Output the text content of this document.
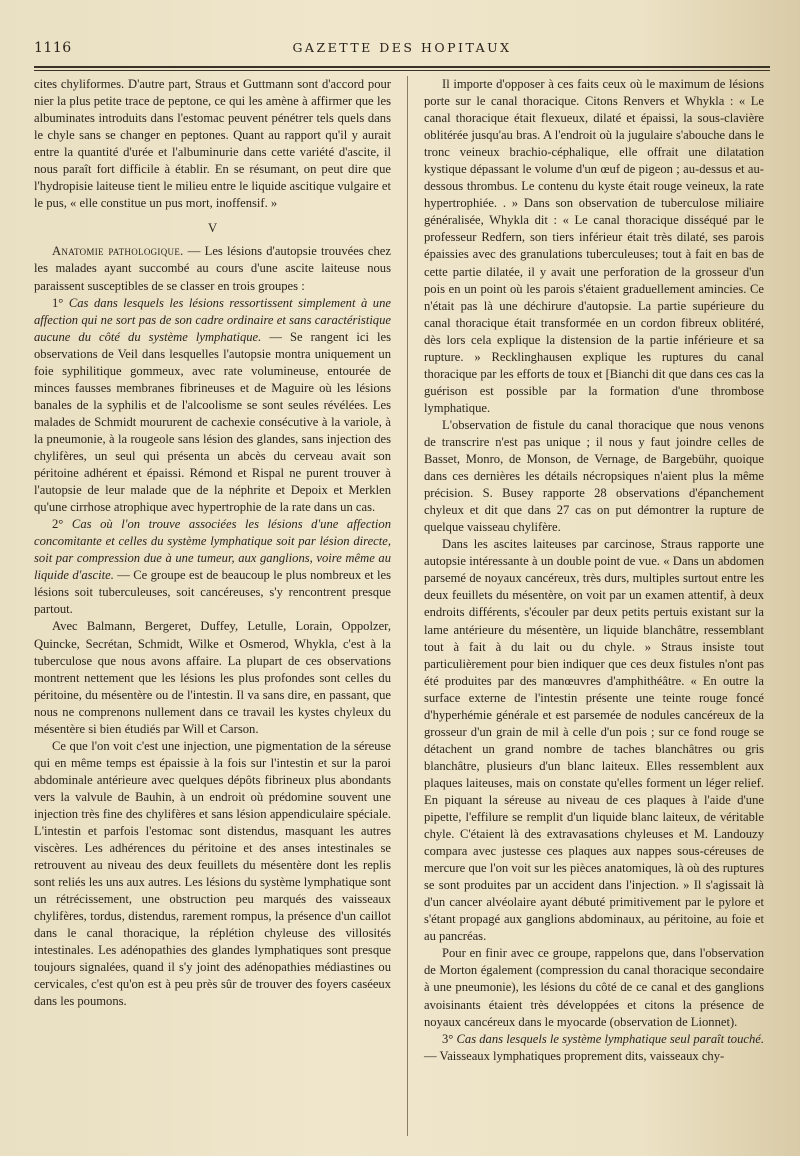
1116	GAZETTE DES HOPITAUX

cites chyliformes. D'autre part, Straus et Guttmann sont d'accord pour nier la plus petite trace de peptone, ce qui les amène à affirmer que les albuminates introduits dans l'estomac peuvent pénétrer tels quels dans le chyle sans se changer en peptones. Quant au rapport qu'il y aurait entre la quantité d'urée et l'albuminurie dans cette variété d'ascite, il nous paraît fort difficile à établir. En se résumant, on peut dire que l'hydropisie laiteuse tient le milieu entre le liquide ascitique vulgaire et le pus, « elle constitue un pus mort, inoffensif. »

V

Anatomie pathologique. — Les lésions d'autopsie trouvées chez les malades ayant succombé au cours d'une ascite laiteuse nous paraissent susceptibles de se classer en trois groupes :

1° Cas dans lesquels les lésions ressortissent simplement à une affection qui ne sort pas de son cadre ordinaire et sans caractéristique aucune du côté du système lymphatique. — Se rangent ici les observations de Veil dans lesquelles l'autopsie montra uniquement un foie syphilitique gommeux, avec rate volumineuse, entourée de minces fausses membranes fibrineuses et de Maguire où les lésions banales de la syphilis et de l'alcoolisme se sont seules révélées. Les malades de Schmidt moururent de cachexie consécutive à la variole, à la pneumonie, à la rougeole sans lésion des glandes, sans injection des chylifères, un seul qui présenta un abcès du cerveau avait son péritoine adhérent et épaissi. Rémond et Rispal ne purent trouver à l'autopsie de leur malade que de la néphrite et Depoix et Merklen qu'une cirrhose atrophique avec hypertrophie de la rate dans un cas.

2° Cas où l'on trouve associées les lésions d'une affection concomitante et celles du système lymphatique soit par lésion directe, soit par compression due à une tumeur, aux ganglions, voire même au liquide d'ascite. — Ce groupe est de beaucoup le plus nombreux et les lésions soit tuberculeuses, soit cancéreuses, s'y rencontrent presque partout.

Avec Balmann, Bergeret, Duffey, Letulle, Lorain, Oppolzer, Quincke, Secrétan, Schmidt, Wilke et Osmerod, Whykla, c'est à la tuberculose que nous avons affaire. La plupart de ces observations montrent nettement que les lésions les plus profondes sont celles du péritoine, du mésentère ou de l'intestin. Il va sans dire, en passant, que nous ne comprenons nullement dans ce travail les kystes chyleux du mésentère si bien étudiés par Will et Carson.

Ce que l'on voit c'est une injection, une pigmentation de la séreuse qui en même temps est épaissie à la fois sur l'intestin et sur la paroi abdominale antérieure avec quelques dépôts fibrineux plus abondants vers la valvule de Bauhin, à un endroit où prédomine souvent une injection très fine des chylifères et sans lésion appendiculaire spéciale. L'intestin et parfois l'estomac sont distendus, masquant les autres viscères. Les adhérences du péritoine et des anses intestinales se retrouvent au niveau des deux feuillets du mésentère dont les replis sont reliés les uns aux autres. Les lésions du système lymphatique sont un rétrécissement, une obstruction peu marqués des vaisseaux chylifères, tordus, distendus, rarement rompus, la présence d'un caillot dans le canal thoracique, la réplétion chyleuse des villosités intestinales. Les adénopathies des glandes lymphatiques sont presque toujours signalées, quand il s'y joint des adénopathies médiastines ou cervicales, c'est qu'on est à peu près sûr de trouver des foyers caséeux dans les poumons.

Il importe d'opposer à ces faits ceux où le maximum de lésions porte sur le canal thoracique. Citons Renvers et Whykla : « Le canal thoracique était flexueux, dilaté et épaissi, la sous-clavière oblitérée jusqu'au bras. A l'endroit où la jugulaire s'abouche dans le tronc veineux brachio-céphalique, elle offrait une dilatation kystique dépassant le volume d'un œuf de pigeon ; au-dessus et au-dessous thrombus. Le contenu du kyste était rouge veineux, la rate hypertrophiée. . » Dans son observation de tuberculose miliaire généralisée, Whykla dit : « Le canal thoracique disséqué par le professeur Redfern, son tiers inférieur était très dilaté, ses parois épaissies avec des granulations tuberculeuses; tout à fait en bas de cette partie dilatée, il y avait une perforation de la grosseur d'un pois en un point où les parois s'étaient graduellement amincies. Ce n'était pas là une déchirure d'autopsie. La partie supérieure du canal thoracique était transformée en un cordon fibreux oblitéré, dès lors cela explique la distension de la partie inférieure et sa rupture. » Recklinghausen explique les ruptures du canal thoracique par les efforts de toux et [Bianchi dit que dans ces cas la guérison est possible par la formation d'une thrombose lymphatique.

L'observation de fistule du canal thoracique que nous venons de transcrire n'est pas unique ; il nous y faut joindre celles de Basset, Monro, de Monson, de Vernage, de Bargebühr, quoique dans ces dernières les détails nécropsiques n'aient plus la même précision. S. Busey rapporte 28 observations d'épanchement chyleux et dit que dans 27 cas on put démontrer la rupture de quelque vaisseau chylifère.

Dans les ascites laiteuses par carcinose, Straus rapporte une autopsie intéressante à un double point de vue. « Dans un abdomen parsemé de noyaux cancéreux, très durs, multiples surtout entre les deux feuillets du mésentère, on voit par un examen attentif, à deux endroits différents, s'écouler par deux petits pertuis existant sur la lame antérieure du mésentère, un liquide blanchâtre, ressemblant tout à fait à du lait ou du chyle. » Straus insiste tout particulièrement pour bien indiquer que ces deux fistules n'ont pas été produites par des manœuvres d'amphithéâtre. « En outre la surface externe de l'intestin présente une teinte rouge foncé d'hyperhémie générale et est parsemée de nodules cancéreux de la grosseur d'un grain de mil à celle d'un pois ; sur ce fond rouge se détachent un grand nombre de taches blanchâtres ou gris blanchâtre, plusieurs d'un blanc laiteux. Elles ressemblent aux plaques laiteuses, mais on constate qu'elles forment un léger relief. En piquant la séreuse au niveau de ces plaques à l'aide d'une pipette, l'effilure se remplit d'un liquide blanc laiteux, de véritable chyle. C'étaient là des extravasations chyleuses et M. Landouzy compara avec justesse ces plaques aux nappes sous-céreuses de mercure que l'on voit sur les pièces anatomiques, là où des ruptures se sont produites par un accident dans l'injection. » Il s'agissait là d'un cancer alvéolaire ayant débuté primitivement par le pylore et s'étant propagé aux ganglions abdominaux, au péritoine, au foie et au pancréas.

Pour en finir avec ce groupe, rappelons que, dans l'observation de Morton également (compression du canal thoracique secondaire à une pneumonie), les lésions du côté de ce canal et des ganglions avoisinants étaient très développées et citons la présence de noyaux cancéreux dans le myocarde (observation de Lionnet).

3° Cas dans lesquels le système lymphatique seul paraît touché. — Vaisseaux lymphatiques proprement dits, vaisseaux chy-
